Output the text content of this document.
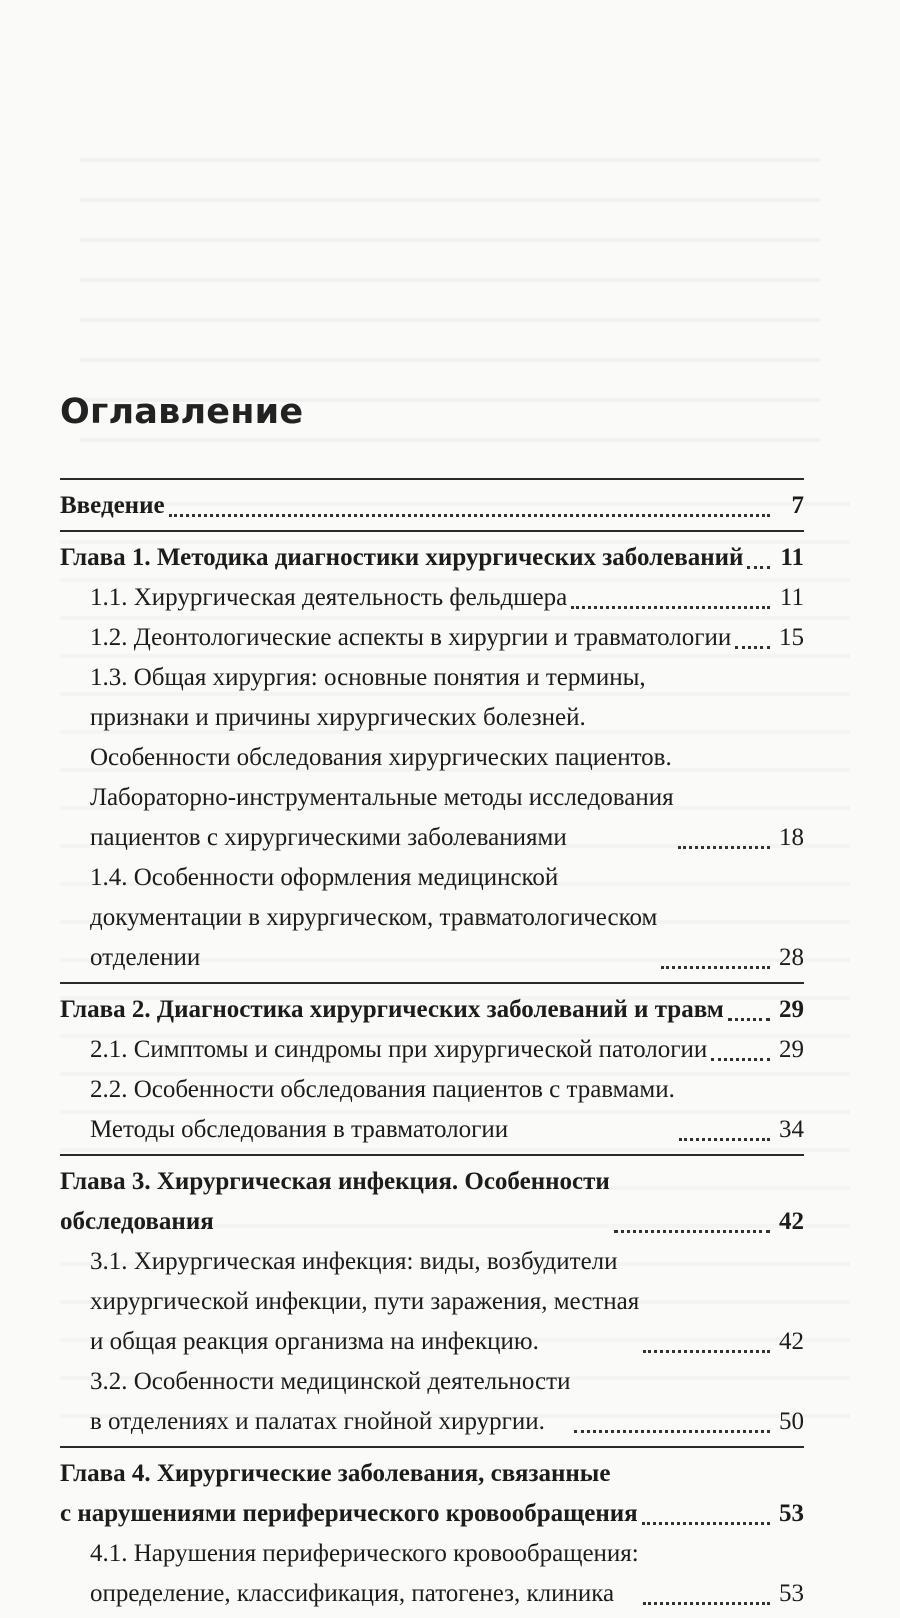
Оглавление
Введение	7
Глава 1. Методика диагностики хирургических заболеваний 11
1.1. Хирургическая деятельность фельдшера	11
1.2. Деонтологические аспекты в хирургии и травматологии 15
1.3. Общая хирургия: основные понятия и термины,
признаки и причины хирургических болезней.
Особенности обследования хирургических пациентов.
Лабораторно-инструментальные методы исследования
пациентов с хирургическими заболеваниями	18
1.4. Особенности оформления медицинской
документации в хирургическом, травматологическом
отделении	28
Глава 2. Диагностика хирургических заболеваний и травм 29
2.1. Симптомы и синдромы при хирургической патологии	29
2.2. Особенности обследования пациентов с травмами.
Методы обследования в травматологии	34
Глава 3. Хирургическая инфекция. Особенности
обследования	42
3.1. Хирургическая инфекция: виды, возбудители
хирургической инфекции, пути заражения, местная
и общая реакция организма на инфекцию.	42
3.2. Особенности медицинской деятельности
в отделениях и палатах гнойной хирургии.	50
Глава 4. Хирургические заболевания, связанные
с нарушениями периферического кровообращения	53
4.1. Нарушения периферического кровообращения:
определение, классификация, патогенез, клиника	53
